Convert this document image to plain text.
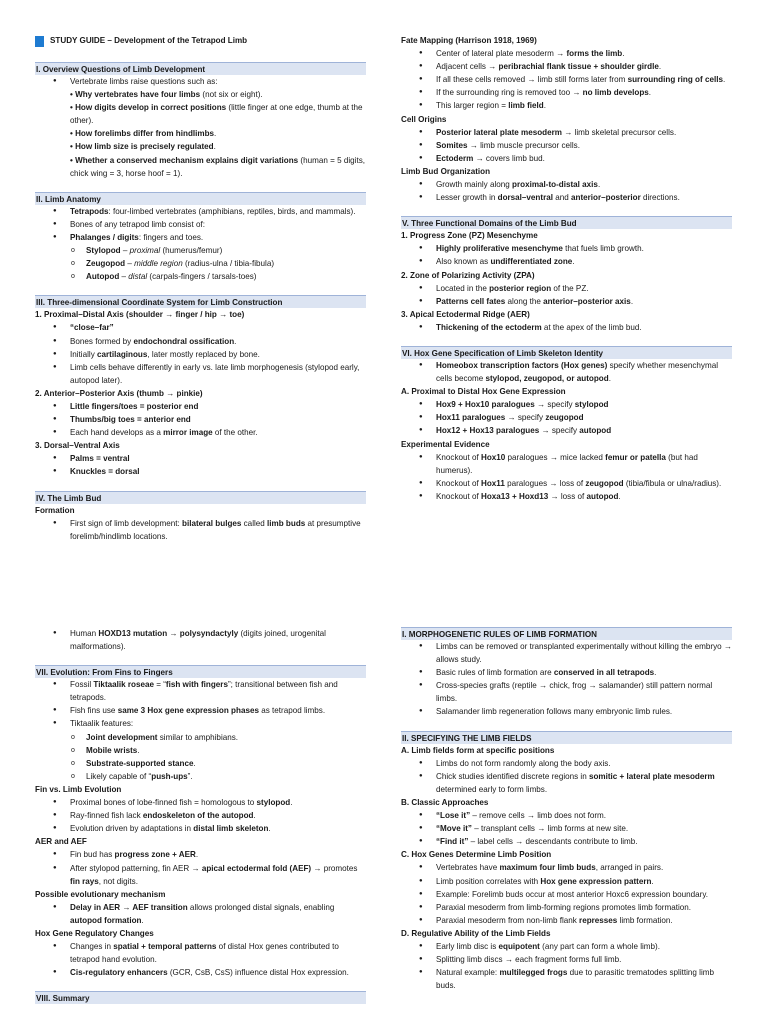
STUDY GUIDE – Development of the Tetrapod Limb
I. Overview Questions of Limb Development
● Vertebrate limbs raise questions such as:
• Why vertebrates have four limbs (not six or eight).
• How digits develop in correct positions (little finger at one edge, thumb at the other).
• How forelimbs differ from hindlimbs.
• How limb size is precisely regulated.
• Whether a conserved mechanism explains digit variations (human = 5 digits, chick wing = 3, horse hoof = 1).
II. Limb Anatomy
● Tetrapods: four-limbed vertebrates (amphibians, reptiles, birds, and mammals).
● Bones of any tetrapod limb consist of:
● Phalanges / digits: fingers and toes.
o Stylopod – proximal (humerus/femur)
o Zeugopod – middle region (radius-ulna / tibia-fibula)
o Autopod – distal (carpals-fingers / tarsals-toes)
III. Three-dimensional Coordinate System for Limb Construction
1. Proximal–Distal Axis (shoulder → finger / hip → toe)
● “close–far”
● Bones formed by endochondral ossification.
● Initially cartilaginous, later mostly replaced by bone.
● Limb cells behave differently in early vs. late limb morphogenesis (stylopod early, autopod later).
2. Anterior–Posterior Axis (thumb → pinkie)
● Little fingers/toes = posterior end
● Thumbs/big toes = anterior end
● Each hand develops as a mirror image of the other.
3. Dorsal–Ventral Axis
● Palms = ventral
● Knuckles = dorsal
IV. The Limb Bud
Formation
● First sign of limb development: bilateral bulges called limb buds at presumptive forelimb/hindlimb locations.
Fate Mapping (Harrison 1918, 1969)
● Center of lateral plate mesoderm → forms the limb.
● Adjacent cells → peribrachial flank tissue + shoulder girdle.
● If all these cells removed → limb still forms later from surrounding ring of cells.
● If the surrounding ring is removed too → no limb develops.
● This larger region = limb field.
Cell Origins
● Posterior lateral plate mesoderm → limb skeletal precursor cells.
● Somites → limb muscle precursor cells.
● Ectoderm → covers limb bud.
Limb Bud Organization
● Growth mainly along proximal-to-distal axis.
● Lesser growth in dorsal–ventral and anterior–posterior directions.
V. Three Functional Domains of the Limb Bud
1. Progress Zone (PZ) Mesenchyme
● Highly proliferative mesenchyme that fuels limb growth.
● Also known as undifferentiated zone.
2. Zone of Polarizing Activity (ZPA)
● Located in the posterior region of the PZ.
● Patterns cell fates along the anterior–posterior axis.
3. Apical Ectodermal Ridge (AER)
● Thickening of the ectoderm at the apex of the limb bud.
VI. Hox Gene Specification of Limb Skeleton Identity
● Homeobox transcription factors (Hox genes) specify whether mesenchymal cells become stylopod, zeugopod, or autopod.
A. Proximal to Distal Hox Gene Expression
● Hox9 + Hox10 paralogues → specify stylopod
● Hox11 paralogues → specify zeugopod
● Hox12 + Hox13 paralogues → specify autopod
Experimental Evidence
● Knockout of Hox10 paralogues → mice lacked femur or patella (but had humerus).
● Knockout of Hox11 paralogues → loss of zeugopod (tibia/fibula or ulna/radius).
● Knockout of Hoxa13 + Hoxd13 → loss of autopod.
● Human HOXD13 mutation → polysyndactyly (digits joined, urogenital malformations).
VII. Evolution: From Fins to Fingers
● Fossil Tiktaalik roseae = “fish with fingers”; transitional between fish and tetrapods.
● Fish fins use same 3 Hox gene expression phases as tetrapod limbs.
● Tiktaalik features:
o Joint development similar to amphibians.
o Mobile wrists.
o Substrate-supported stance.
o Likely capable of “push-ups”.
Fin vs. Limb Evolution
● Proximal bones of lobe-finned fish = homologous to stylopod.
● Ray-finned fish lack endoskeleton of the autopod.
● Evolution driven by adaptations in distal limb skeleton.
AER and AEF
● Fin bud has progress zone + AER.
● After stylopod patterning, fin AER → apical ectodermal fold (AEF) → promotes fin rays, not digits.
Possible evolutionary mechanism
● Delay in AER → AEF transition allows prolonged distal signals, enabling autopod formation.
Hox Gene Regulatory Changes
● Changes in spatial + temporal patterns of distal Hox genes contributed to tetrapod hand evolution.
● Cis-regulatory enhancers (GCR, CsB, CsS) influence distal Hox expression.
VIII. Summary
I. MORPHOGENETIC RULES OF LIMB FORMATION
● Limbs can be removed or transplanted experimentally without killing the embryo → allows study.
● Basic rules of limb formation are conserved in all tetrapods.
● Cross-species grafts (reptile → chick, frog → salamander) still pattern normal limbs.
● Salamander limb regeneration follows many embryonic limb rules.
II. SPECIFYING THE LIMB FIELDS
A. Limb fields form at specific positions
● Limbs do not form randomly along the body axis.
● Chick studies identified discrete regions in somitic + lateral plate mesoderm determined early to form limbs.
B. Classic Approaches
● “Lose it” – remove cells → limb does not form.
● “Move it” – transplant cells → limb forms at new site.
● “Find it” – label cells → descendants contribute to limb.
C. Hox Genes Determine Limb Position
● Vertebrates have maximum four limb buds, arranged in pairs.
● Limb position correlates with Hox gene expression pattern.
● Example: Forelimb buds occur at most anterior Hoxc6 expression boundary.
● Paraxial mesoderm from limb-forming regions promotes limb formation.
● Paraxial mesoderm from non-limb flank represses limb formation.
D. Regulative Ability of the Limb Fields
● Early limb disc is equipotent (any part can form a whole limb).
● Splitting limb discs → each fragment forms full limb.
● Natural example: multilegged frogs due to parasitic trematodes splitting limb buds.
